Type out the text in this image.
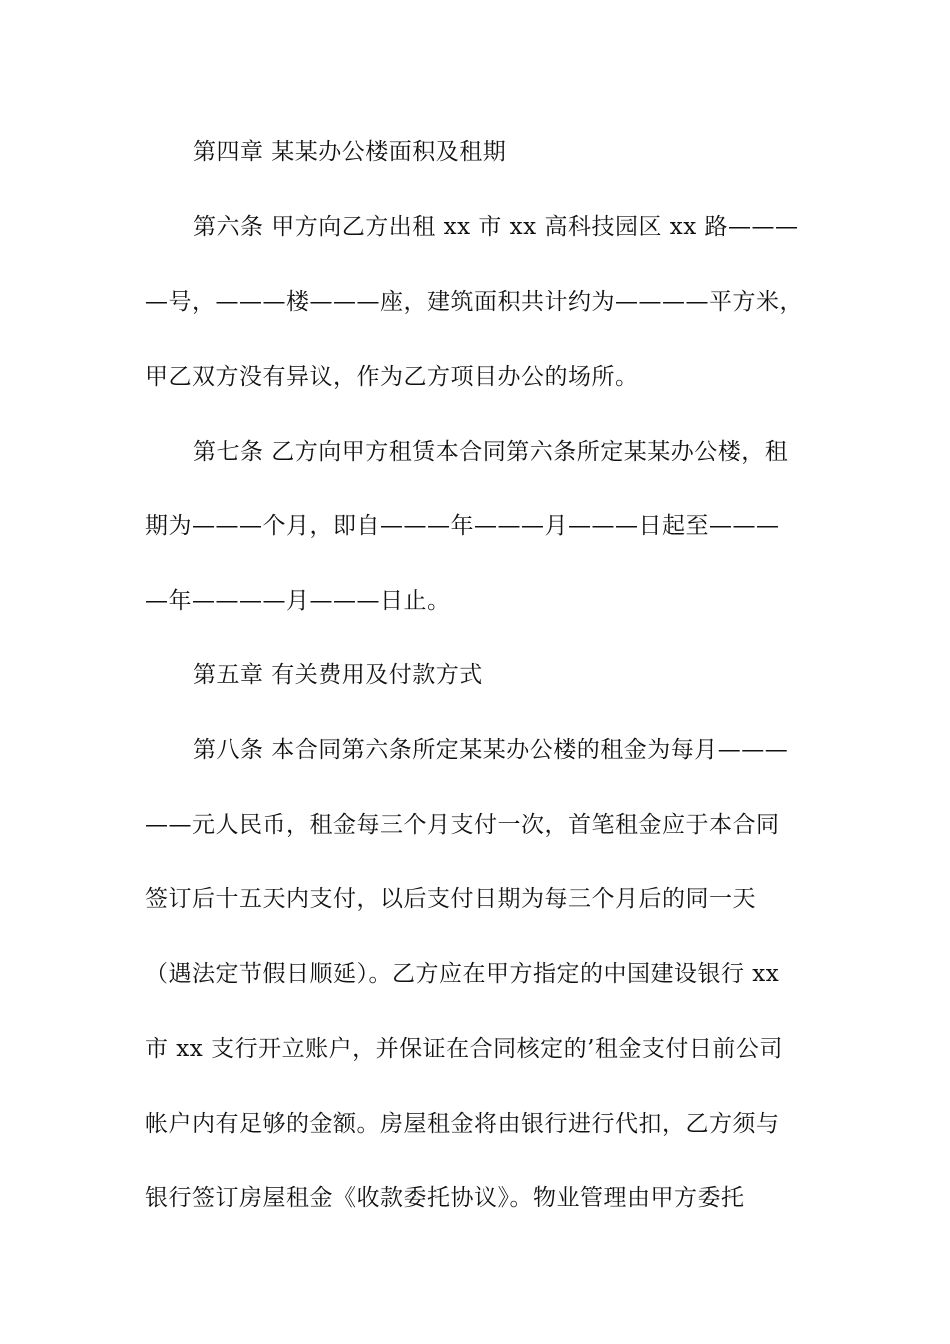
第四章 某某办公楼面积及租期
第六条 甲方向乙方出租 xx 市 xx 高科技园区 xx 路———
—号，———楼———座，建筑面积共计约为————平方米，
甲乙双方没有异议，作为乙方项目办公的场所。
第七条 乙方向甲方租赁本合同第六条所定某某办公楼，租
期为———个月，即自———年———月———日起至———
—年————月———日止。
第五章 有关费用及付款方式
第八条 本合同第六条所定某某办公楼的租金为每月———
——元人民币，租金每三个月支付一次，首笔租金应于本合同
签订后十五天内支付，以后支付日期为每三个月后的同一天
（遇法定节假日顺延）。乙方应在甲方指定的中国建设银行 xx
市 xx 支行开立账户，并保证在合同核定的’租金支付日前公司
帐户内有足够的金额。房屋租金将由银行进行代扣，乙方须与
银行签订房屋租金《收款委托协议》。物业管理由甲方委托
